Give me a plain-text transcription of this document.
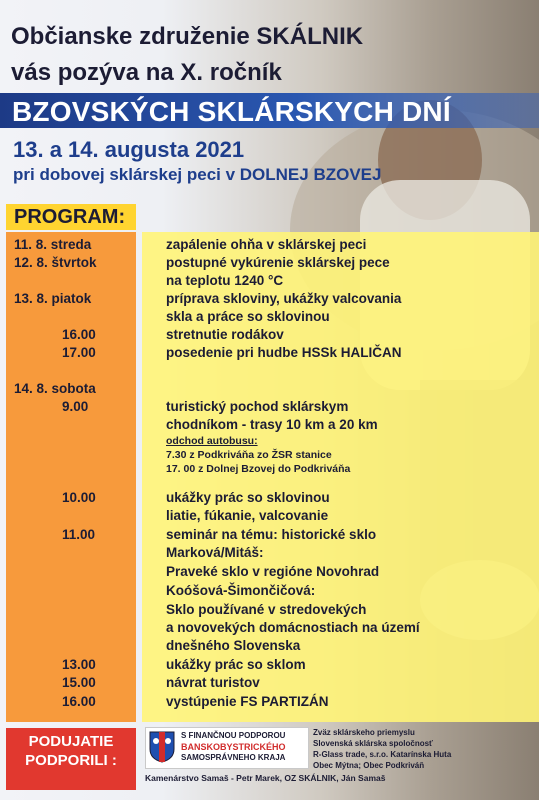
Občianske združenie SKÁLNIK
vás pozýva na X. ročník
BZOVSKÝCH SKLÁRSKYCH DNÍ
13. a 14. augusta 2021
pri dobovej sklárskej peci v DOLNEJ BZOVEJ
PROGRAM:
11. 8. streda	zapálenie ohňa v sklárskej peci
12. 8. štvrtok	postupné vykúrenie sklárskej pece
na teplotu 1240 °C
13. 8. piatok	príprava skloviny, ukážky valcovania
skla a práce so sklovinou
16.00	stretnutie rodákov
17.00	posedenie pri hudbe HSSk HALIČAN
14. 8. sobota
9.00	turistický pochod sklárskym
chodníkom - trasy 10 km a 20 km
odchod autobusu:
7.30 z Podkriváňa zo ŽSR stanice
17. 00 z Dolnej Bzovej do Podkriváňa
10.00	ukážky prác so sklovinou
liatie, fúkanie, valcovanie
11.00	seminár na tému: historické sklo
Marková/Mitáš:
Praveké sklo v regióne Novohrad
Koóšová-Šimončičová:
Sklo používané v stredovekých
a novovekých domácnostiach na území
dnešného Slovenska
13.00	ukážky prác so sklom
15.00	návrat turistov
16.00	vystúpenie FS PARTIZÁN
PODUJATIE
PODPORILI :
S FINANČNOU PODPOROU
BANSKOBYSTRICKÉHO
SAMOSPRÁVNEHO KRAJA
Zväz sklárskeho priemyslu
Slovenská sklárska spoločnosť
R-Glass trade, s.r.o. Katarínska Huta
Obec Mýtna; Obec Podkriváň
Kamenárstvo Samaš - Petr Marek, OZ SKÁLNIK, Ján Samaš
